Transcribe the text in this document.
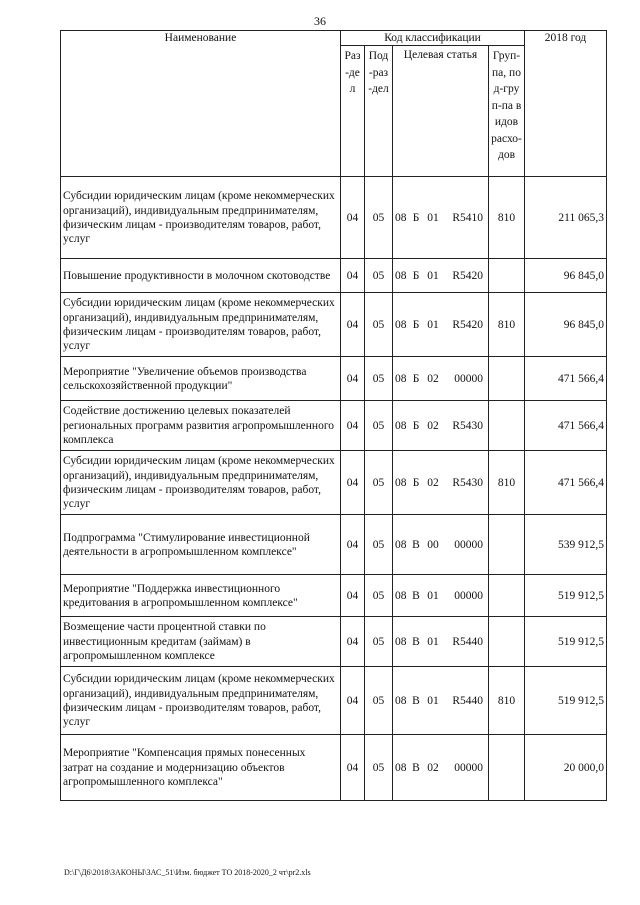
36
Наименование	Код классификации				2018 год

	Раз-дел	Под-раз-дел	Целевая статья	Груп-па, под-груп-па видов расхо-дов	

Субсидии юридическим лицам (кроме некоммерческих организаций), индивидуальным предпринимателям, физическим лицам - производителям товаров, работ, услуг	04	05	08 Б 01 R5410	810	211 065,3
Повышение продуктивности в молочном скотоводстве	04	05	08 Б 01 R5420		96 845,0
Субсидии юридическим лицам (кроме некоммерческих организаций), индивидуальным предпринимателям, физическим лицам - производителям товаров, работ, услуг	04	05	08 Б 01 R5420	810	96 845,0
Мероприятие "Увеличение объемов производства сельскохозяйственной продукции"	04	05	08 Б 02 00000		471 566,4
Содействие достижению целевых показателей региональных программ развития агропромышленного комплекса	04	05	08 Б 02 R5430		471 566,4
Субсидии юридическим лицам (кроме некоммерческих организаций), индивидуальным предпринимателям, физическим лицам - производителям товаров, работ, услуг	04	05	08 Б 02 R5430	810	471 566,4
Подпрограмма "Стимулирование инвестиционной деятельности в агропромышленном комплексе"	04	05	08 В 00 00000		539 912,5
Мероприятие "Поддержка инвестиционного кредитования в агропромышленном комплексе"	04	05	08 В 01 00000		519 912,5
Возмещение части процентной ставки по инвестиционным кредитам (займам) в агропромышленном комплексе	04	05	08 В 01 R5440		519 912,5
Субсидии юридическим лицам (кроме некоммерческих организаций), индивидуальным предпринимателям, физическим лицам - производителям товаров, работ, услуг	04	05	08 В 01 R5440	810	519 912,5
Мероприятие "Компенсация прямых понесенных затрат на создание и модернизацию объектов агропромышленного комплекса"	04	05	08 В 02 00000		20 000,0
D:\Г\Д6\2018\ЗАКОНЫ\ЗАС_51\Изм. бюджет ТО 2018-2020_2 чт\pr2.xls
